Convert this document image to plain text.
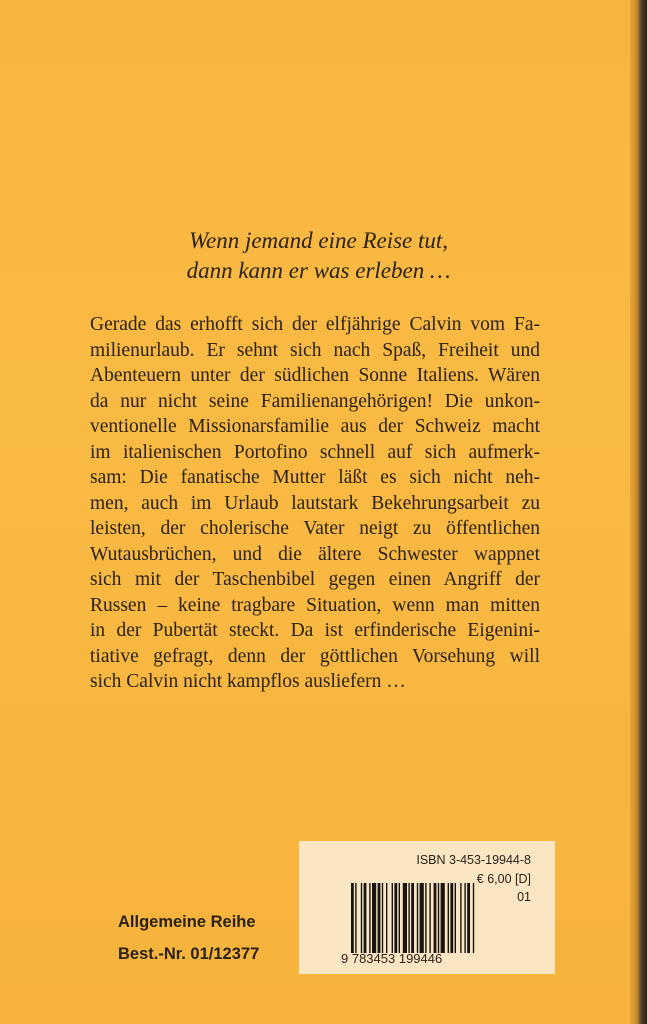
Wenn jemand eine Reise tut,
dann kann er was erleben …
Gerade das erhofft sich der elfjährige Calvin vom Fa-
milienurlaub. Er sehnt sich nach Spaß, Freiheit und
Abenteuern unter der südlichen Sonne Italiens. Wären
da nur nicht seine Familienangehörigen! Die unkon-
ventionelle Missionarsfamilie aus der Schweiz macht
im italienischen Portofino schnell auf sich aufmerk-
sam: Die fanatische Mutter läßt es sich nicht neh-
men, auch im Urlaub lautstark Bekehrungsarbeit zu
leisten, der cholerische Vater neigt zu öffentlichen
Wutausbrüchen, und die ältere Schwester wappnet
sich mit der Taschenbibel gegen einen Angriff der
Russen – keine tragbare Situation, wenn man mitten
in der Pubertät steckt. Da ist erfinderische Eigenini-
tiative gefragt, denn der göttlichen Vorsehung will
sich Calvin nicht kampflos ausliefern …
Allgemeine Reihe
Best.-Nr. 01/12377
ISBN 3-453-19944-8
€ 6,00 [D]
01
9 783453 199446
